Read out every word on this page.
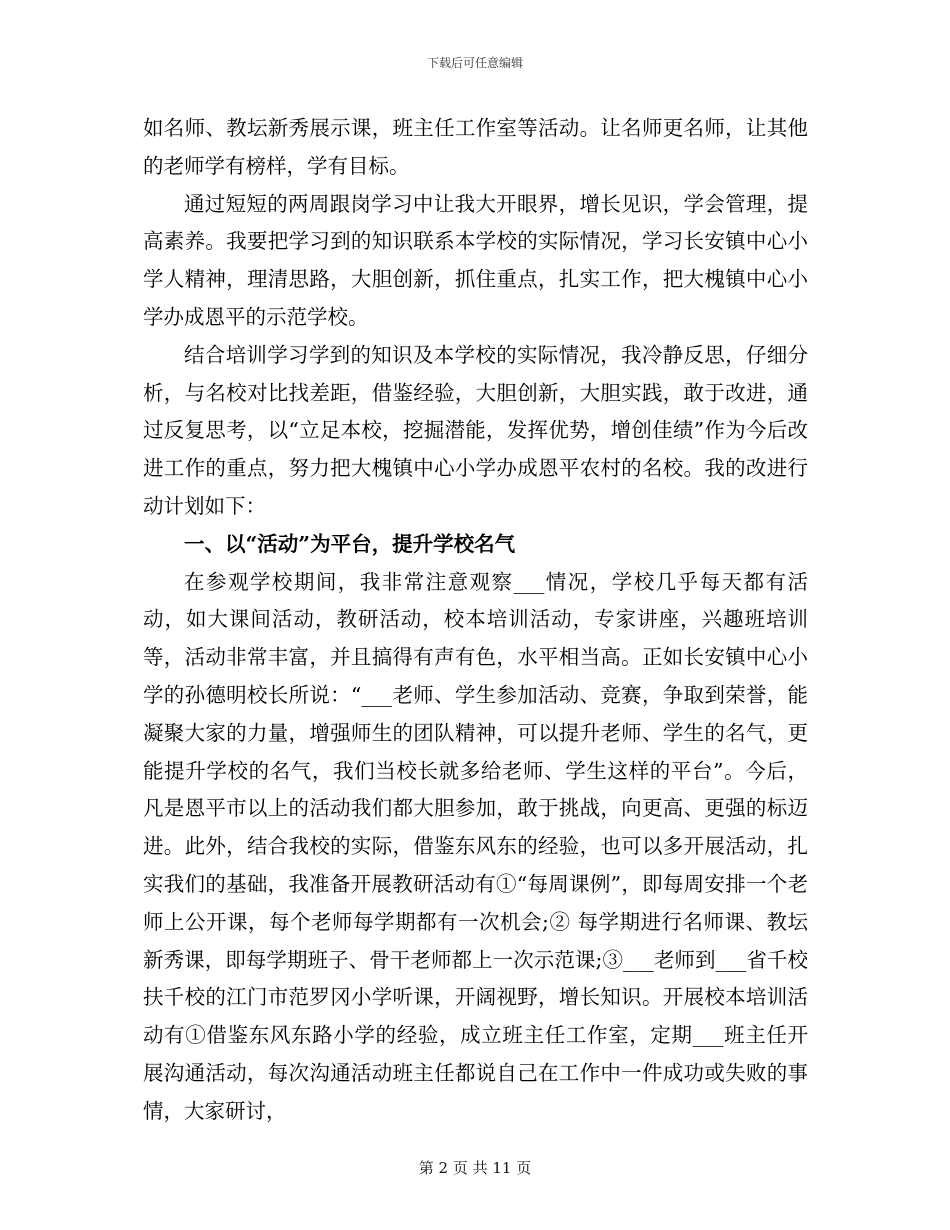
下载后可任意编辑

如名师、教坛新秀展示课，班主任工作室等活动。让名师更名师，让其他的老师学有榜样，学有目标。

通过短短的两周跟岗学习中让我大开眼界，增长见识，学会管理，提高素养。我要把学习到的知识联系本学校的实际情况，学习长安镇中心小学人精神，理清思路，大胆创新，抓住重点，扎实工作，把大槐镇中心小学办成恩平的示范学校。

结合培训学习学到的知识及本学校的实际情况，我冷静反思，仔细分析，与名校对比找差距，借鉴经验，大胆创新，大胆实践，敢于改进，通过反复思考，以“立足本校，挖掘潜能，发挥优势，增创佳绩”作为今后改进工作的重点，努力把大槐镇中心小学办成恩平农村的名校。我的改进行动计划如下：

一、以“活动”为平台，提升学校名气

在参观学校期间，我非常注意观察___情况，学校几乎每天都有活动，如大课间活动，教研活动，校本培训活动，专家讲座，兴趣班培训等，活动非常丰富，并且搞得有声有色，水平相当高。正如长安镇中心小学的孙德明校长所说：“___老师、学生参加活动、竞赛，争取到荣誉，能凝聚大家的力量，增强师生的团队精神，可以提升老师、学生的名气，更能提升学校的名气，我们当校长就多给老师、学生这样的平台”。今后，凡是恩平市以上的活动我们都大胆参加，敢于挑战，向更高、更强的标迈进。此外，结合我校的实际，借鉴东风东的经验，也可以多开展活动，扎实我们的基础，我准备开展教研活动有①“每周课例”，即每周安排一个老师上公开课，每个老师每学期都有一次机会;② 每学期进行名师课、教坛新秀课，即每学期班子、骨干老师都上一次示范课;③___老师到___省千校扶千校的江门市范罗冈小学听课，开阔视野，增长知识。开展校本培训活动有①借鉴东风东路小学的经验，成立班主任工作室，定期___班主任开展沟通活动，每次沟通活动班主任都说自己在工作中一件成功或失败的事情，大家研讨，

第 2 页 共 11 页
